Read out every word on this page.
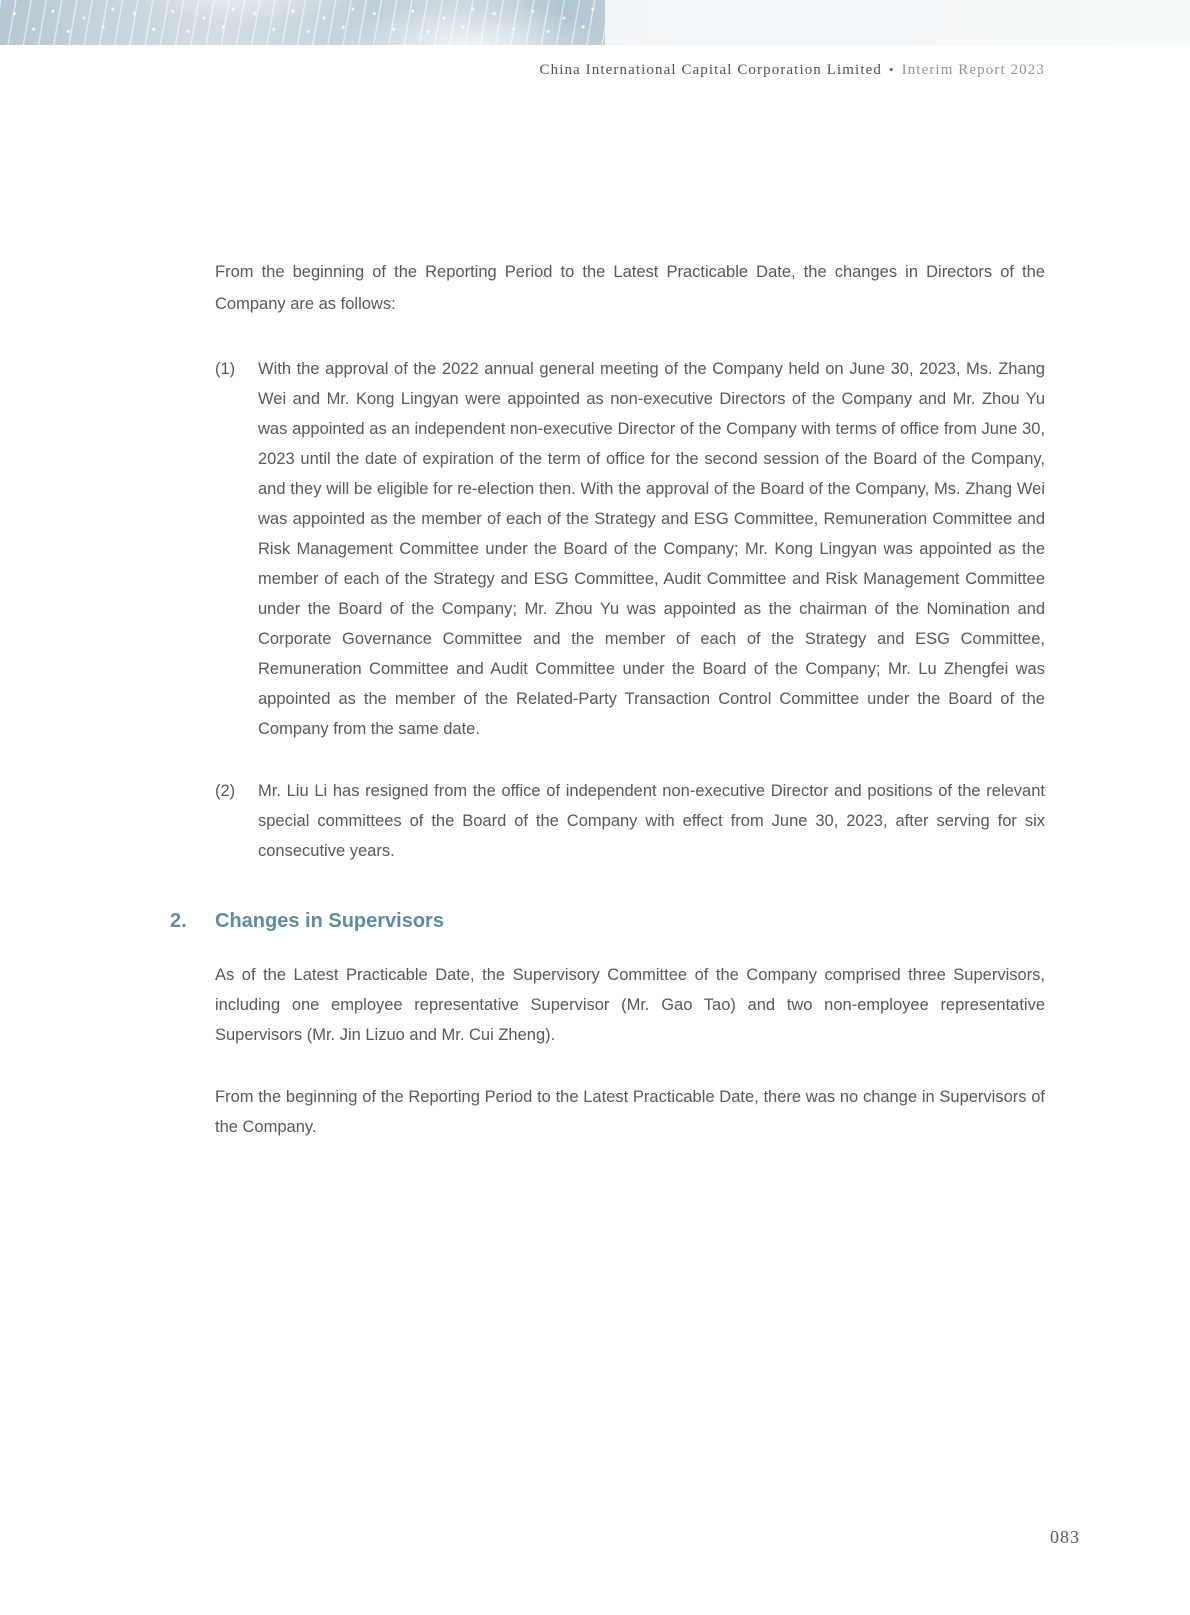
China International Capital Corporation Limited • Interim Report 2023

From the beginning of the Reporting Period to the Latest Practicable Date, the changes in Directors of the Company are as follows:

(1)	With the approval of the 2022 annual general meeting of the Company held on June 30, 2023, Ms. Zhang Wei and Mr. Kong Lingyan were appointed as non-executive Directors of the Company and Mr. Zhou Yu was appointed as an independent non-executive Director of the Company with terms of office from June 30, 2023 until the date of expiration of the term of office for the second session of the Board of the Company, and they will be eligible for re-election then. With the approval of the Board of the Company, Ms. Zhang Wei was appointed as the member of each of the Strategy and ESG Committee, Remuneration Committee and Risk Management Committee under the Board of the Company; Mr. Kong Lingyan was appointed as the member of each of the Strategy and ESG Committee, Audit Committee and Risk Management Committee under the Board of the Company; Mr. Zhou Yu was appointed as the chairman of the Nomination and Corporate Governance Committee and the member of each of the Strategy and ESG Committee, Remuneration Committee and Audit Committee under the Board of the Company; Mr. Lu Zhengfei was appointed as the member of the Related-Party Transaction Control Committee under the Board of the Company from the same date.
(2)	Mr. Liu Li has resigned from the office of independent non-executive Director and positions of the relevant special committees of the Board of the Company with effect from June 30, 2023, after serving for six consecutive years.
2.	Changes in Supervisors

As of the Latest Practicable Date, the Supervisory Committee of the Company comprised three Supervisors, including one employee representative Supervisor (Mr. Gao Tao) and two non-employee representative Supervisors (Mr. Jin Lizuo and Mr. Cui Zheng).

From the beginning of the Reporting Period to the Latest Practicable Date, there was no change in Supervisors of the Company.

083
